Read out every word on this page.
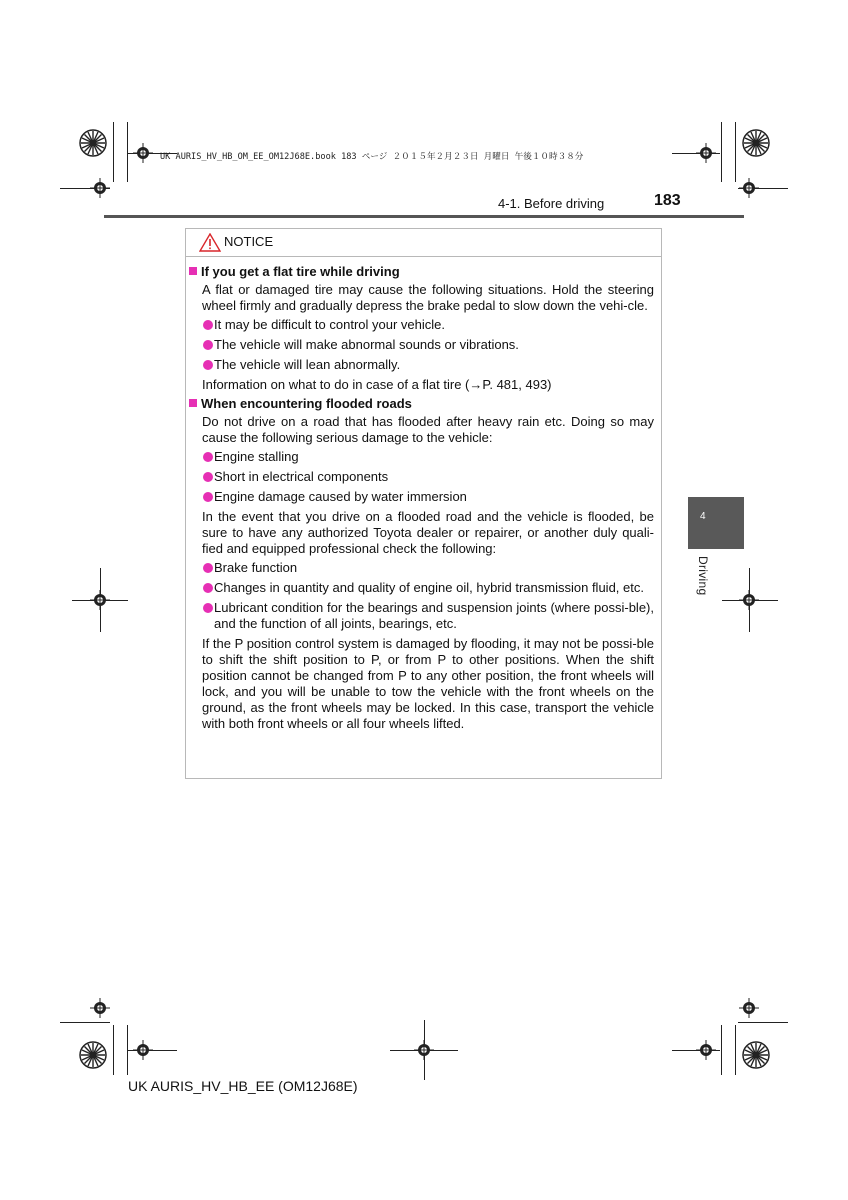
UK AURIS_HV_HB_OM_EE_OM12J68E.book 183 ページ ２０１５年２月２３日 月曜日 午後１０時３８分
4-1. Before driving	183
4
Driving
NOTICE
If you get a flat tire while driving
A flat or damaged tire may cause the following situations. Hold the steering wheel firmly and gradually depress the brake pedal to slow down the vehi-cle.
It may be difficult to control your vehicle.
The vehicle will make abnormal sounds or vibrations.
The vehicle will lean abnormally.
Information on what to do in case of a flat tire (→P. 481, 493)
When encountering flooded roads
Do not drive on a road that has flooded after heavy rain etc. Doing so may cause the following serious damage to the vehicle:
Engine stalling
Short in electrical components
Engine damage caused by water immersion
In the event that you drive on a flooded road and the vehicle is flooded, be sure to have any authorized Toyota dealer or repairer, or another duly quali-fied and equipped professional check the following:
Brake function
Changes in quantity and quality of engine oil, hybrid transmission fluid, etc.
Lubricant condition for the bearings and suspension joints (where possi-ble), and the function of all joints, bearings, etc.
If the P position control system is damaged by flooding, it may not be possi-ble to shift the shift position to P, or from P to other positions. When the shift position cannot be changed from P to any other position, the front wheels will lock, and you will be unable to tow the vehicle with the front wheels on the ground, as the front wheels may be locked. In this case, transport the vehicle with both front wheels or all four wheels lifted.
UK AURIS_HV_HB_EE (OM12J68E)
